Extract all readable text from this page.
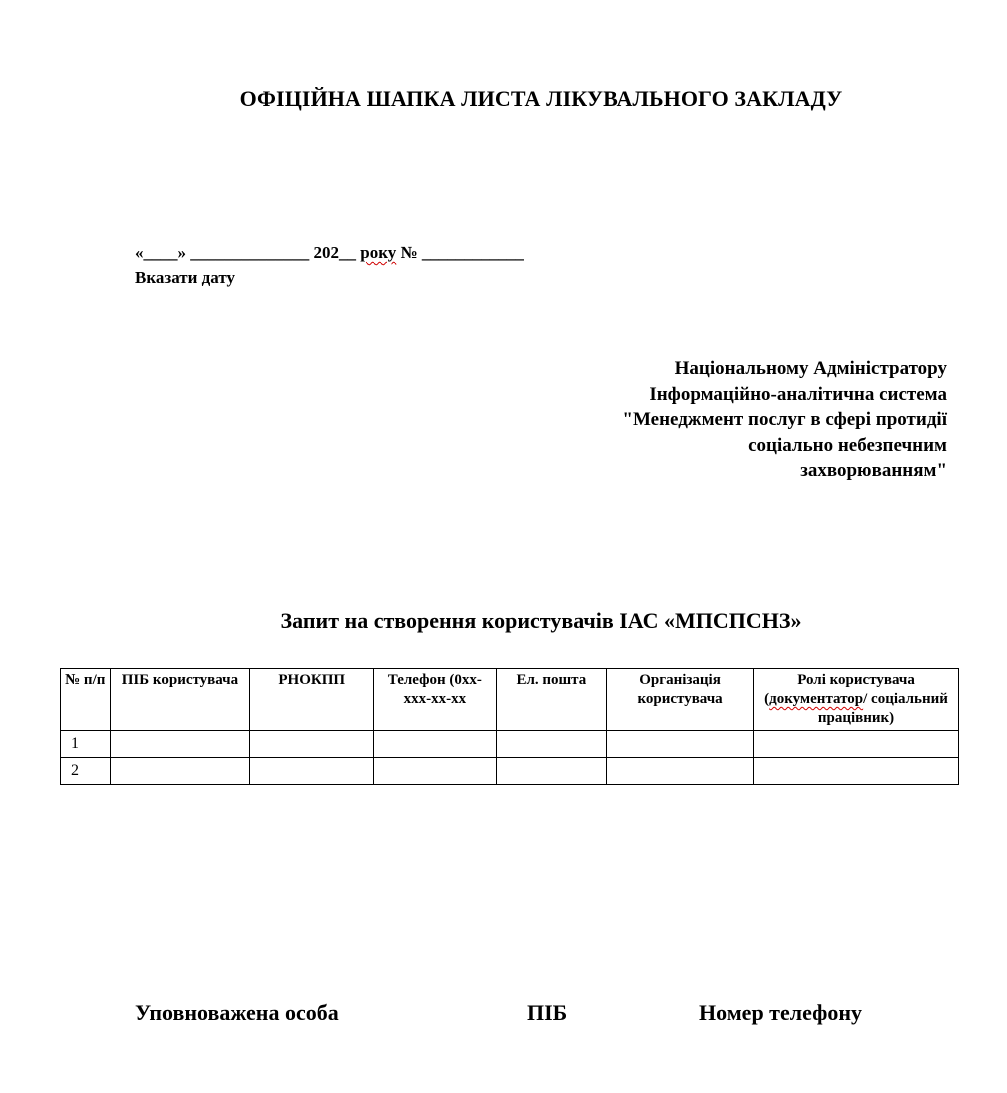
ОФІЦІЙНА ШАПКА ЛИСТА ЛІКУВАЛЬНОГО ЗАКЛАДУ
«____» ______________ 202__ року № ____________
Вказати дату
Національному Адміністратору
Інформаційно-аналітична система
"Менеджмент послуг в сфері протидії
соціально небезпечним
захворюванням"
Запит на створення користувачів ІАС «МПСПСНЗ»
№ п/п	ПІБ користувача	РНОКПП	Телефон (0хх-ххх-хх-хх	Ел. пошта	Організація користувача	Ролі користувача (документатор/ соціальний працівник)
1						
2						
Уповноважена особа	ПІБ	Номер телефону
